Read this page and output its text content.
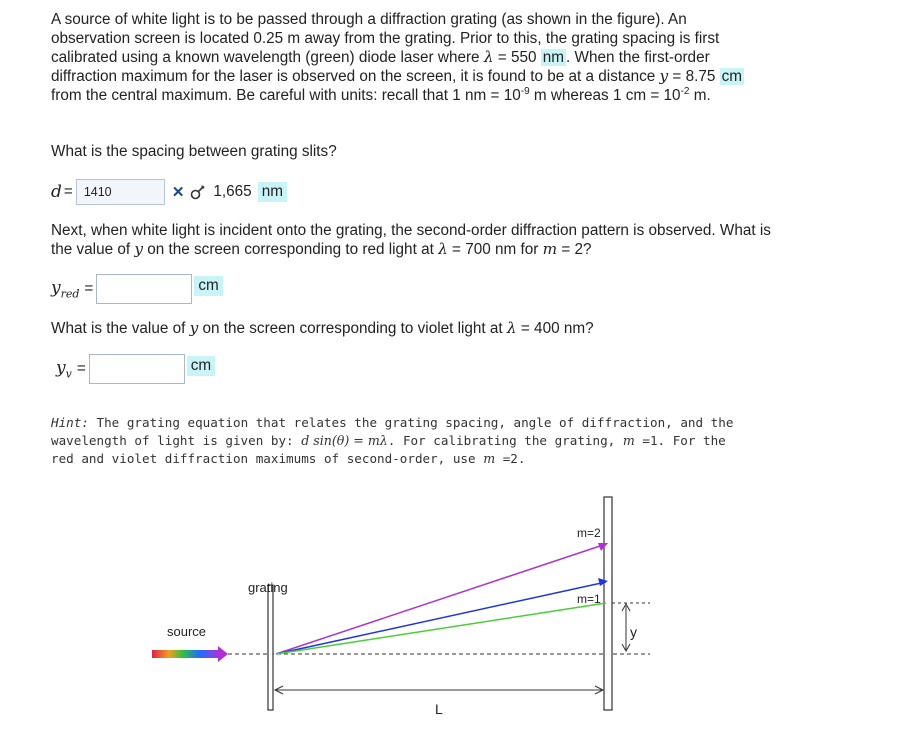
A source of white light is to be passed through a diffraction grating (as shown in the figure). An observation screen is located 0.25 m away from the grating. Prior to this, the grating spacing is first calibrated using a known wavelength (green) diode laser where λ = 550 nm . When the first-order diffraction maximum for the laser is observed on the screen, it is found to be at a distance y = 8.75 cm from the central maximum. Be careful with units: recall that 1 nm = $10^{-9}$ m whereas 1 cm = $10^{-2}$ m.

What is the spacing between grating slits?
d = 1410	✕ 1,665 nm
Next, when white light is incident onto the grating, the second-order diffraction pattern is observed. What is the value of y on the screen corresponding to red light at λ = 700 nm for m = 2?
$y_{red}$ =	cm
What is the value of y on the screen corresponding to violet light at λ = 400 nm?
$y_v$ =	cm
Hint: The grating equation that relates the grating spacing, angle of diffraction, and the wavelength of light is given by: d sin(θ) = mλ. For calibrating the grating, m =1. For the red and violet diffraction maximums of second-order, use m =2.
source
grating
m=2
m=1
y
L
